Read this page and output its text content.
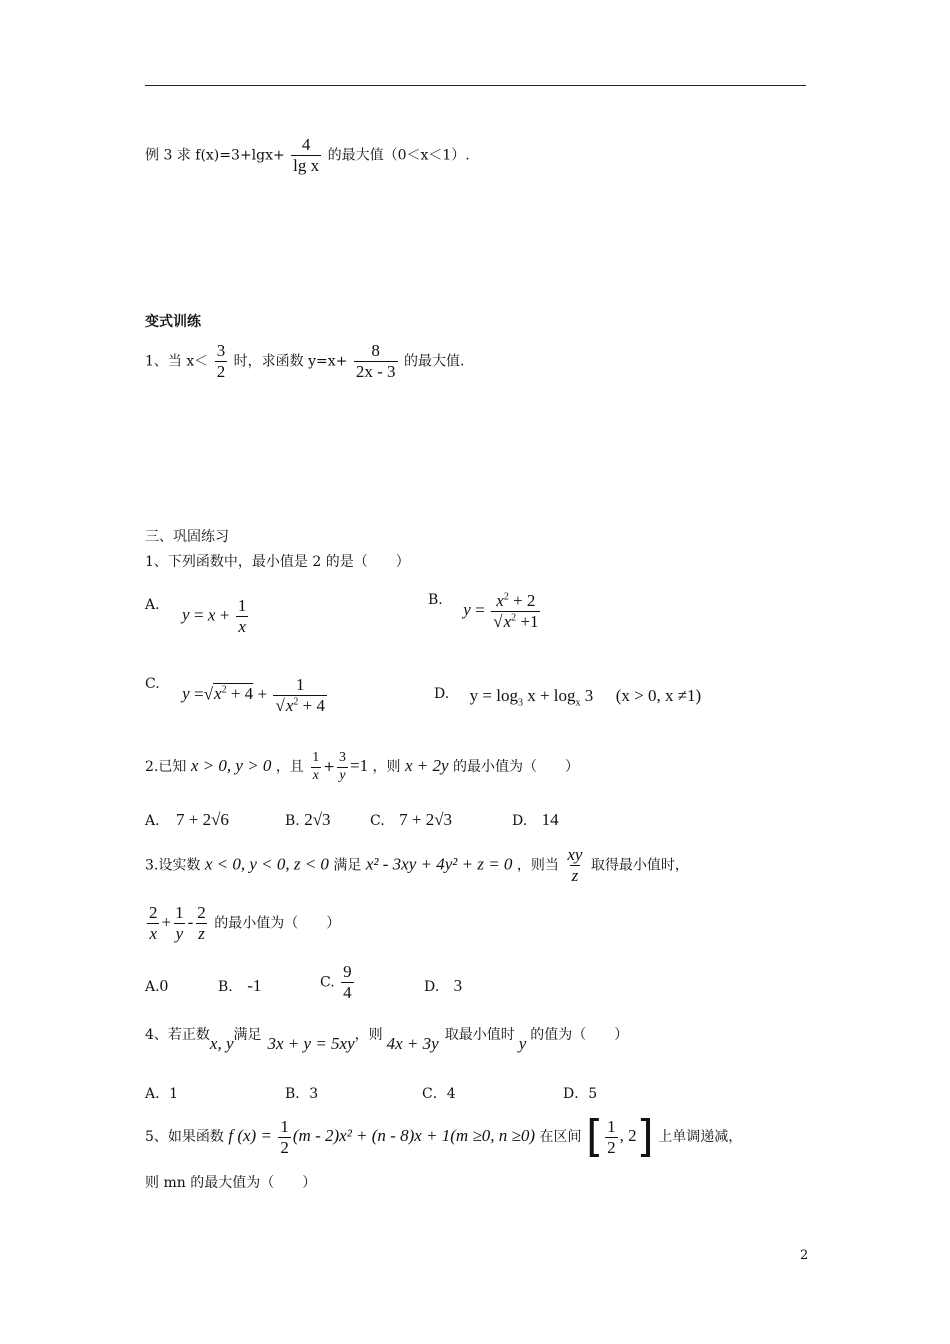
例 3 求 $f(x)=3+\lg x+ \frac{4}{\text{lg x}}$ 的最大值（0＜x＜1）.
变式训练
1、当 $x< \frac{3}{2}$ 时，求函数 $y=x+ \frac{8}{2x - 3}$ 的最大值.
三、巩固练习
1、下列函数中，最小值是 2 的是（　　）
A. $y = x + \frac{1}{x}$	B. $y = \frac{x^2 + 2}{√x^2 +1}$
C. $y =√x^2 + 4 + \frac{1}{√x^2 + 4}$	D. $y = \log_3 x + \log_x 3$ (x > 0, x ≠1)
2.已知 x > 0, y > 0 ，且 $\frac{1}{x} + \frac{3}{y} =1$ ，则 x + 2y 的最小值为（　　）
A. 7 + 2√6	B. 2√3	C. 7 + 2√3	D. 14
3.设实数 x < 0, y < 0, z < 0 满足 x² - 3xy + 4y² + z = 0 ，则当 $\frac{xy}{z}$ 取得最小值时，
$\frac{2}{x} + \frac{1}{y} - \frac{2}{z}$ 的最小值为（　　）
A.0	B. -1	C. $\frac{9}{4}$	D. 3
4、若正数x, y满足 3x + y = 5xy，则 4x + 3y 取最小值时 y 的值为（　　）
A．1	B．3	C．4	D．5
5、如果函数 f $(x) = \frac{1}{2} (m - 2)x^2 + (n - 8)x + 1(m \ge 0$, n ≥0) 在区间 [ $\frac{1}{2}$ , 2] 上单调递减，
则 mn 的最大值为（　　）
2
